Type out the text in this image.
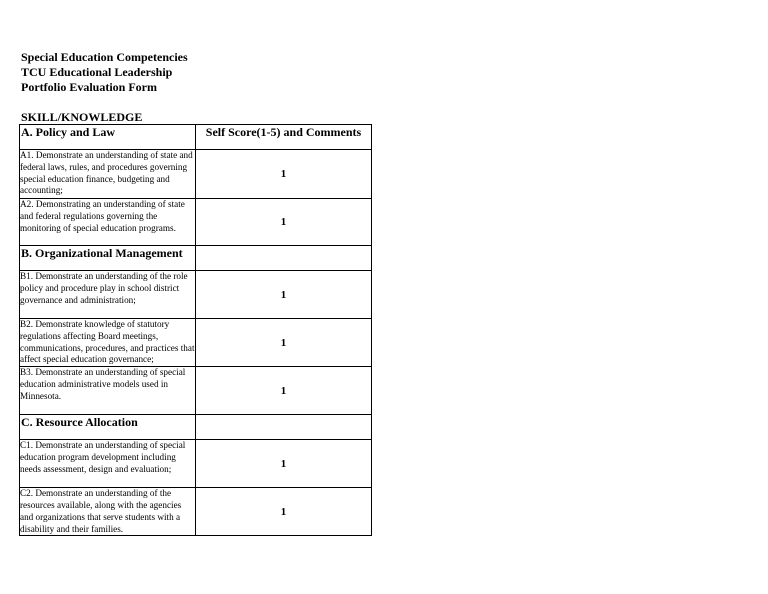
Special Education Competencies
TCU Educational Leadership
Portfolio Evaluation Form
SKILL/KNOWLEDGE
A. Policy and Law	Self Score(1-5) and Comments
A1. Demonstrate an understanding of state and federal laws, rules, and procedures governing special education finance, budgeting and accounting;	1
A2. Demonstrating an understanding of state and federal regulations governing the monitoring of special education programs.	1
B. Organizational Management	
B1. Demonstrate an understanding of the role policy and procedure play in school district governance and administration;	1
B2. Demonstrate knowledge of statutory regulations affecting Board meetings, communications, procedures, and practices that affect special education governance;	1
B3. Demonstrate an understanding of special education administrative models used in Minnesota.	1
C. Resource Allocation	
C1. Demonstrate an understanding of special education program development including needs assessment, design and evaluation;	1
C2. Demonstrate an understanding of the resources available, along with the agencies and organizations that serve students with a disability and their families.	1
